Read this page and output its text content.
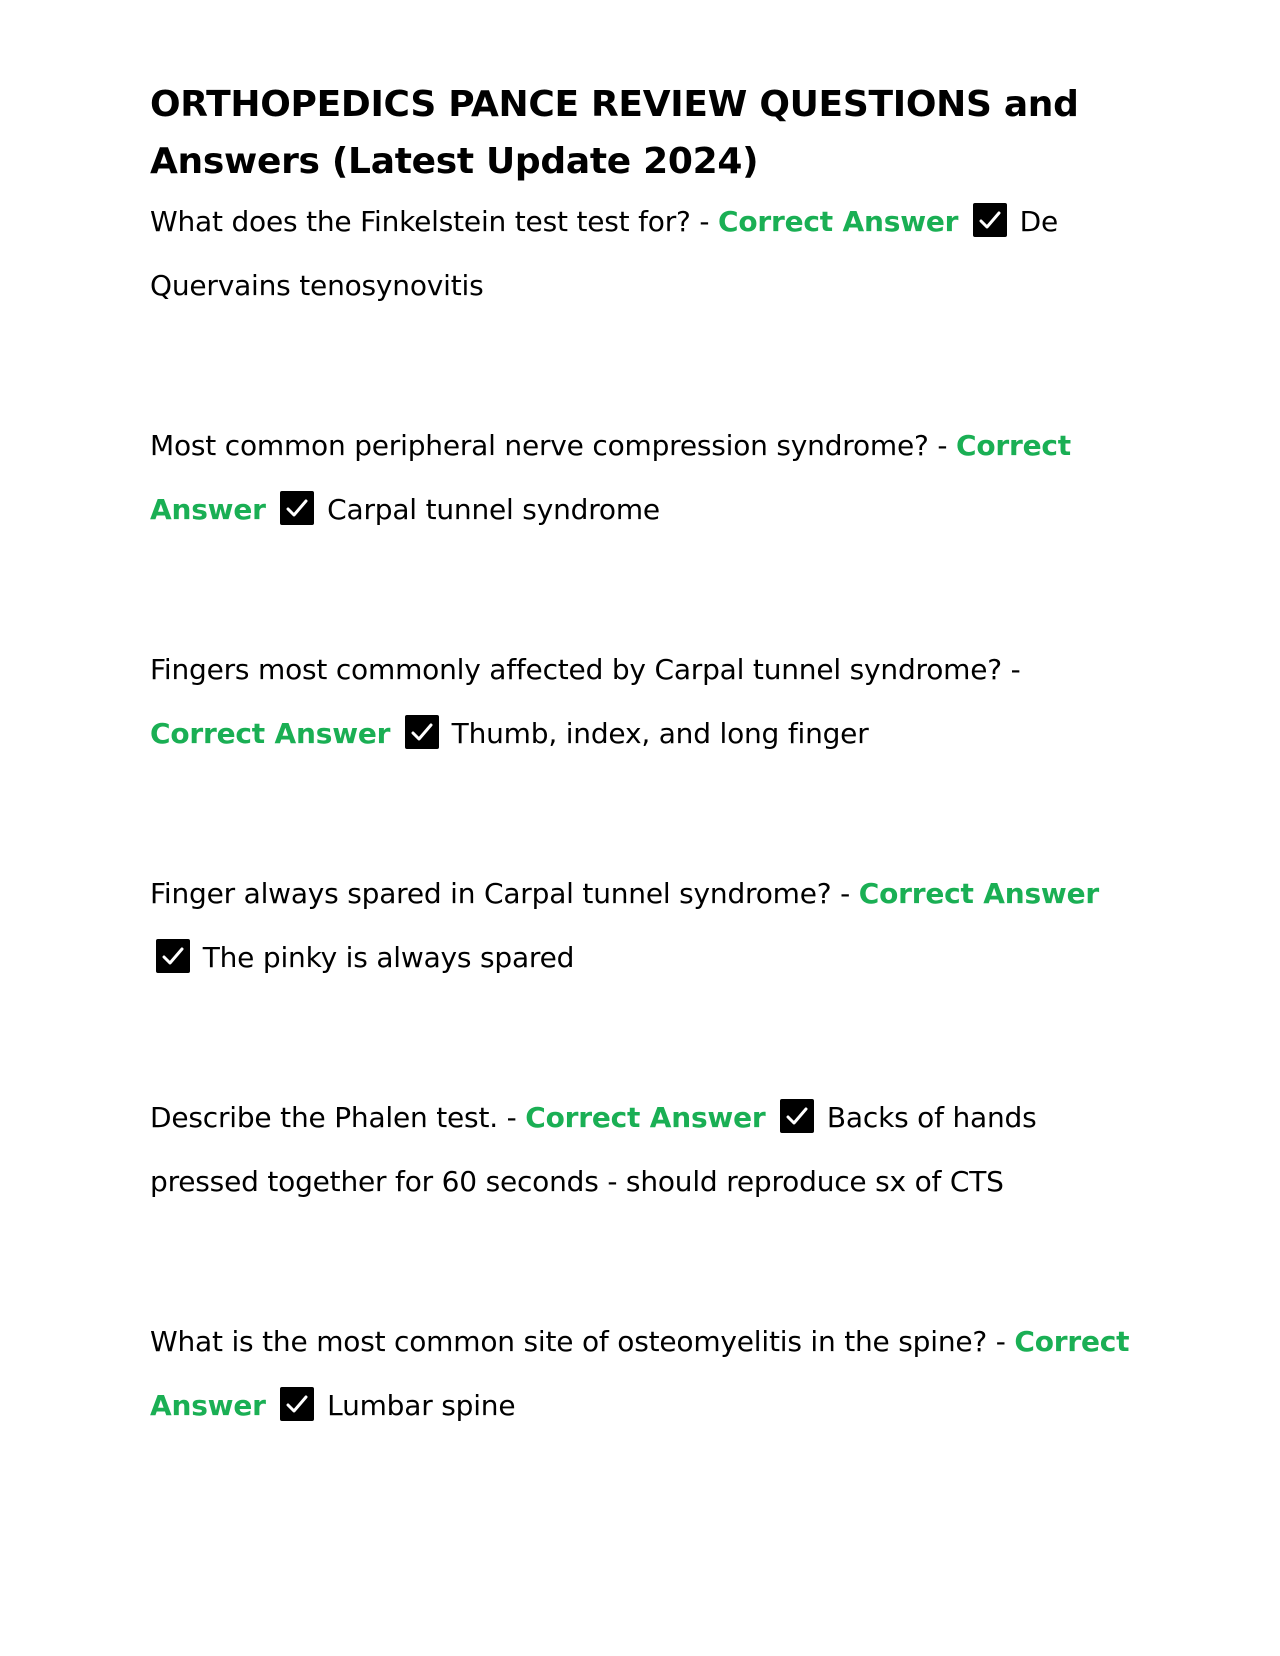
ORTHOPEDICS PANCE REVIEW QUESTIONS and Answers (Latest Update 2024)

What does the Finkelstein test test for? - Correct Answer De Quervains tenosynovitis

Most common peripheral nerve compression syndrome? - Correct Answer Carpal tunnel syndrome

Fingers most commonly affected by Carpal tunnel syndrome? - Correct Answer Thumb, index, and long finger

Finger always spared in Carpal tunnel syndrome? - Correct Answer
The pinky is always spared

Describe the Phalen test. - Correct Answer Backs of hands pressed together for 60 seconds - should reproduce sx of CTS

What is the most common site of osteomyelitis in the spine? - Correct Answer Lumbar spine
